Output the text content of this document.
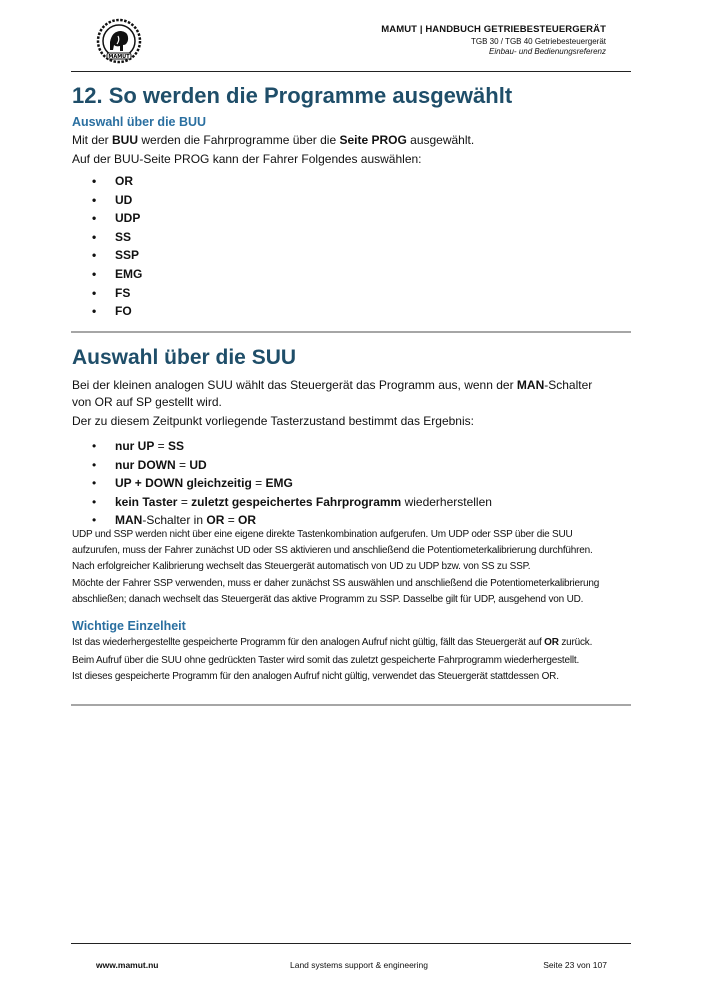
MAMUT
MAMUT | HANDBUCH GETRIEBESTEUERGERÄT
TGB 30 / TGB 40 Getriebesteuergerät
Einbau- und Bedienungsreferenz
12. So werden die Programme ausgewählt
Auswahl über die BUU
Mit der BUU werden die Fahrprogramme über die Seite PROG ausgewählt.
Auf der BUU-Seite PROG kann der Fahrer Folgendes auswählen:
• OR
• UD
• UDP
• SS
• SSP
• EMG
• FS
• FO
Auswahl über die SUU
Bei der kleinen analogen SUU wählt das Steuergerät das Programm aus, wenn der MAN-Schalter
von OR auf SP gestellt wird.
Der zu diesem Zeitpunkt vorliegende Tasterzustand bestimmt das Ergebnis:
• nur UP = SS
• nur DOWN = UD
• UP + DOWN gleichzeitig = EMG
• kein Taster = zuletzt gespeichertes Fahrprogramm wiederherstellen
• MAN-Schalter in OR = OR
UDP und SSP werden nicht über eine eigene direkte Tastenkombination aufgerufen. Um UDP oder SSP über die SUU
aufzurufen, muss der Fahrer zunächst UD oder SS aktivieren und anschließend die Potentiometerkalibrierung durchführen.
Nach erfolgreicher Kalibrierung wechselt das Steuergerät automatisch von UD zu UDP bzw. von SS zu SSP.
Möchte der Fahrer SSP verwenden, muss er daher zunächst SS auswählen und anschließend die Potentiometerkalibrierung
abschließen; danach wechselt das Steuergerät das aktive Programm zu SSP. Dasselbe gilt für UDP, ausgehend von UD.
Wichtige Einzelheit
Ist das wiederhergestellte gespeicherte Programm für den analogen Aufruf nicht gültig, fällt das Steuergerät auf OR zurück.
Beim Aufruf über die SUU ohne gedrückten Taster wird somit das zuletzt gespeicherte Fahrprogramm wiederhergestellt.
Ist dieses gespeicherte Programm für den analogen Aufruf nicht gültig, verwendet das Steuergerät stattdessen OR.
www.mamut.nu	Land systems support & engineering	Seite 23 von 107
